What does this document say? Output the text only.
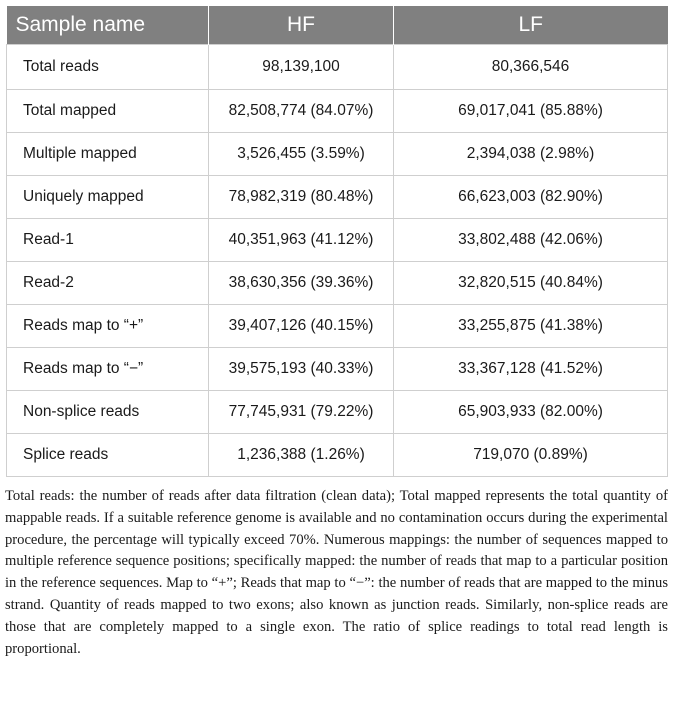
Sample name	HF	LF
Total reads	98,139,100	80,366,546
Total mapped	82,508,774 (84.07%)	69,017,041 (85.88%)
Multiple mapped	3,526,455 (3.59%)	2,394,038 (2.98%)
Uniquely mapped	78,982,319 (80.48%)	66,623,003 (82.90%)
Read-1	40,351,963 (41.12%)	33,802,488 (42.06%)
Read-2	38,630,356 (39.36%)	32,820,515 (40.84%)
Reads map to “+”	39,407,126 (40.15%)	33,255,875 (41.38%)
Reads map to “−”	39,575,193 (40.33%)	33,367,128 (41.52%)
Non-splice reads	77,745,931 (79.22%)	65,903,933 (82.00%)
Splice reads	1,236,388 (1.26%)	719,070 (0.89%)

Total reads: the number of reads after data filtration (clean data); Total mapped represents the total quantity of mappable reads. If a suitable reference genome is available and no contamination occurs during the experimental procedure, the percentage will typically exceed 70%. Numerous mappings: the number of sequences mapped to multiple reference sequence positions; specifically mapped: the number of reads that map to a particular position in the reference sequences. Map to “+”; Reads that map to “−”: the number of reads that are mapped to the minus strand. Quantity of reads mapped to two exons; also known as junction reads. Similarly, non-splice reads are those that are completely mapped to a single exon. The ratio of splice readings to total read length is proportional.
